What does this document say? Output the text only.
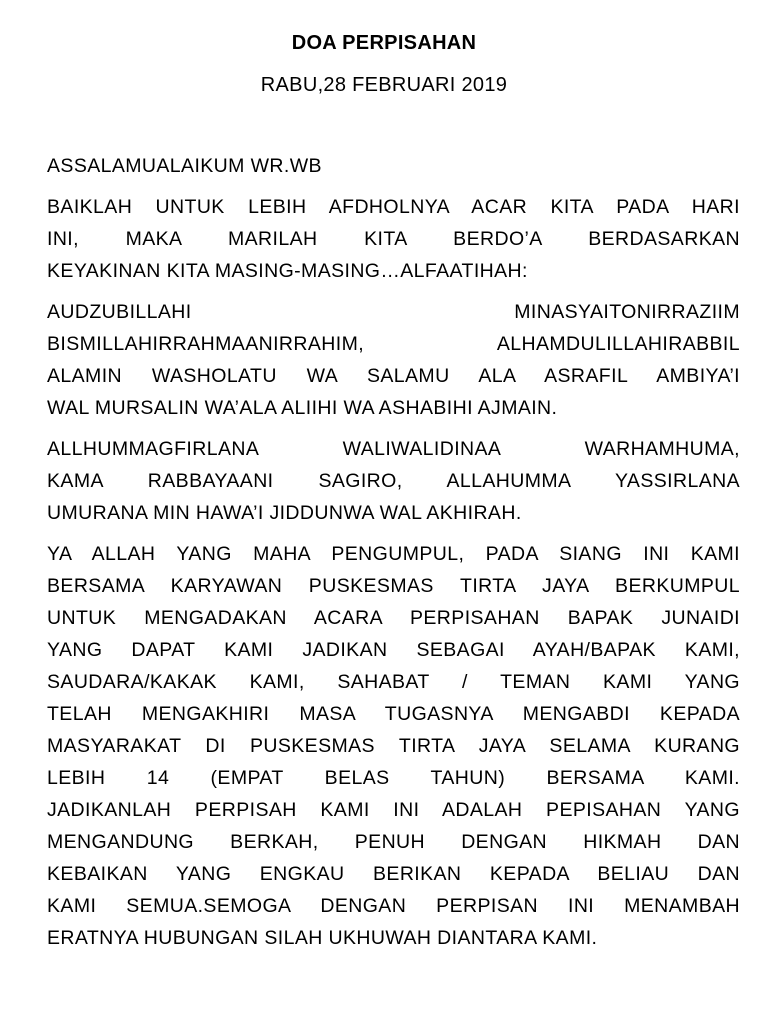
DOA PERPISAHAN
RABU,28 FEBRUARI 2019

ASSALAMUALAIKUM WR.WB

BAIKLAH UNTUK LEBIH AFDHOLNYA ACAR KITA PADA HARI
INI, MAKA MARILAH KITA BERDO’A BERDASARKAN
KEYAKINAN KITA MASING-MASING…ALFAATIHAH:

AUDZUBILLAHI MINASYAITONIRRAZIIM
BISMILLAHIRRAHMAANIRRAHIM, ALHAMDULILLAHIRABBIL
ALAMIN WASHOLATU WA SALAMU ALA ASRAFIL AMBIYA’I
WAL MURSALIN WA’ALA ALIIHI WA ASHABIHI AJMAIN.

ALLHUMMAGFIRLANA WALIWALIDINAA WARHAMHUMA,
KAMA RABBAYAANI SAGIRO, ALLAHUMMA YASSIRLANA
UMURANA MIN HAWA’I JIDDUNWA WAL AKHIRAH.

YA ALLAH YANG MAHA PENGUMPUL, PADA SIANG INI KAMI
BERSAMA KARYAWAN PUSKESMAS TIRTA JAYA BERKUMPUL
UNTUK MENGADAKAN ACARA PERPISAHAN BAPAK JUNAIDI
YANG DAPAT KAMI JADIKAN SEBAGAI AYAH/BAPAK KAMI,
SAUDARA/KAKAK KAMI, SAHABAT / TEMAN KAMI YANG
TELAH MENGAKHIRI MASA TUGASNYA MENGABDI KEPADA
MASYARAKAT DI PUSKESMAS TIRTA JAYA SELAMA KURANG
LEBIH 14 (EMPAT BELAS TAHUN) BERSAMA KAMI.
JADIKANLAH PERPISAH KAMI INI ADALAH PEPISAHAN YANG
MENGANDUNG BERKAH, PENUH DENGAN HIKMAH DAN
KEBAIKAN YANG ENGKAU BERIKAN KEPADA BELIAU DAN
KAMI SEMUA.SEMOGA DENGAN PERPISAN INI MENAMBAH
ERATNYA HUBUNGAN SILAH UKHUWAH DIANTARA KAMI.
